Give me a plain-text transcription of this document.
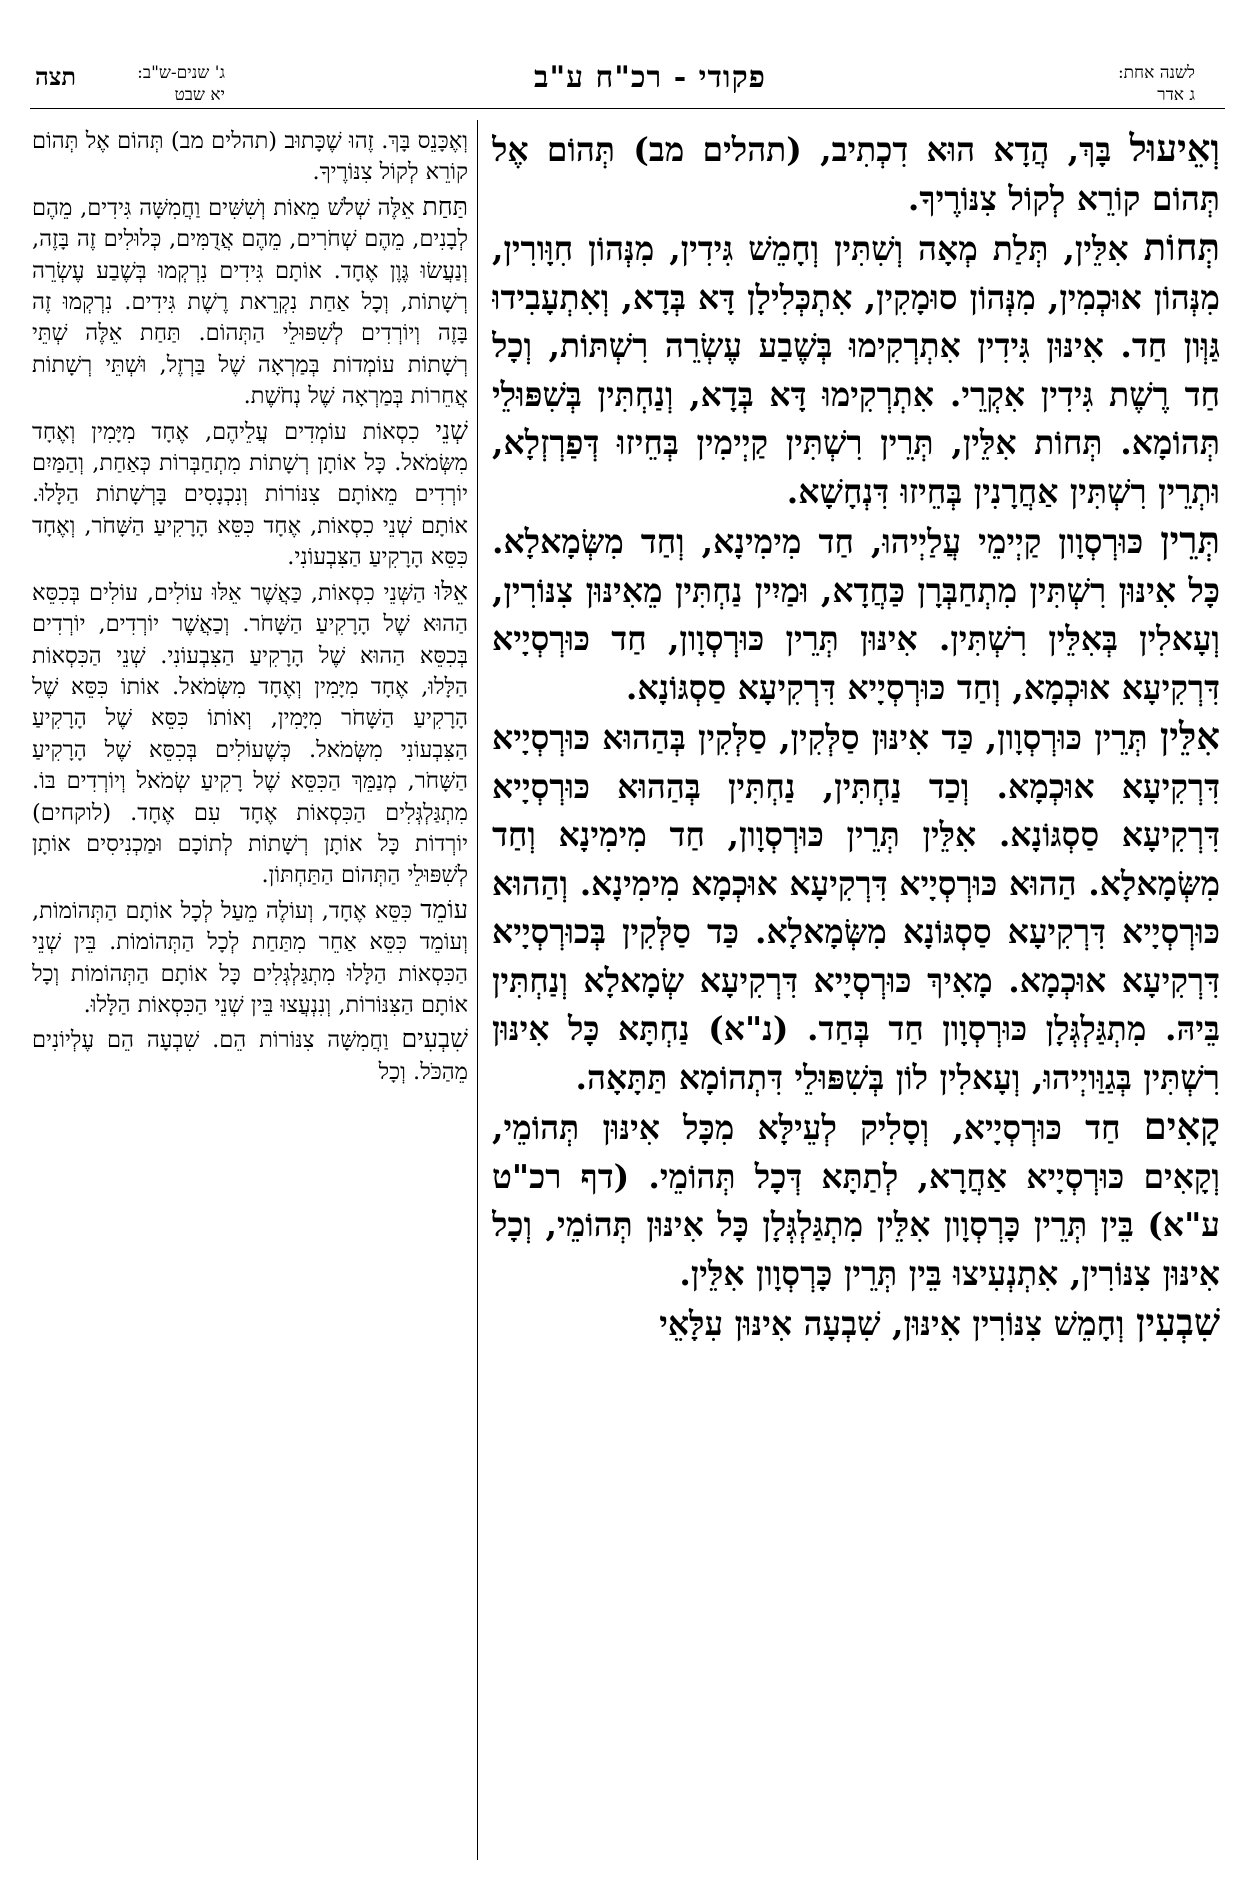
לשנה אחת:
ג אדר
פקודי - רכ"ח ע"ב
תצה	ג' שנים-ש"ב:
יא שבט

וְאֵיעוּל בָּךְ, הֲדָא הוּא דִכְתִיב, (תהלים מב) תְּהוֹם אֶל תְּהוֹם קוֹרֵא לְקוֹל צִנּוֹרֶיךָ.

תְּחוֹת אִלֵּין, תְּלַת מְאָה וְשִׁתִּין וְחָמֵשׁ גִּידִין, מִנְּהוֹן חִוָּורִין, מִנְּהוֹן אוּכְמִין, מִנְּהוֹן סוּמָקִין, אִתְכְּלִילָן דָּא בְּדָא, וְאִתְעָבִידוּ גַּוְּון חַד. אִינּוּן גִּידִין אִתְרְקִימוּ בְּשֶׁבַע עֶשְׂרֵה רִשְׁתּוֹת, וְכָל חַד רֶשֶׁת גִּידִין אִקְרֵי. אִתְרְקִימוּ דָּא בְּדָא, וְנַחְתִּין בְּשִׁפּוּלֵי תְּהוֹמָא. תְּחוֹת אִלֵּין, תְּרֵין רִשְׁתִּין קַיְימִין בְּחֵיזוּ דְּפַרְזְלָא, וּתְרֵין רִשְׁתִּין אַחֲרָנִין בְּחֵיזוּ דִּנְחָשָׁא.

תְּרֵין כּוּרְסְוָון קַיְימֵי עֲלַיְיהוּ, חַד מִימִינָא, וְחַד מִשְּׂמָאלָא. כָּל אִינּוּן רִשְׁתִּין מִתְחַבְּרָן כַּחֲדָא, וּמַיִין נַחְתִּין מֵאִינּוּן צִנּוֹרִין, וְעָאלִין בְּאִלֵּין רִשְׁתִּין. אִינּוּן תְּרֵין כּוּרְסְוָון, חַד כּוּרְסְיָיא דִּרְקִיעָא אוּכְמָא, וְחַד כּוּרְסְיָיא דִּרְקִיעָא סַסְגּוֹנָא.

אִלֵּין תְּרֵין כּוּרְסְוָון, כַּד אִינּוּן סַלְּקִין, סַלְּקִין בְּהַהוּא כּוּרְסְיָיא דִּרְקִיעָא אוּכְמָא. וְכַד נַחְתִּין, נַחְתִּין בְּהַהוּא כּוּרְסְיָיא דִּרְקִיעָא סַסְגּוֹנָא. אִלֵּין תְּרֵין כּוּרְסְוָון, חַד מִימִינָא וְחַד מִשְּׂמָאלָא. הַהוּא כּוּרְסְיָיא דִּרְקִיעָא אוּכְמָא מִימִינָא. וְהַהוּא כּוּרְסְיָיא דִּרְקִיעָא סַסְגּוֹנָא מִשְּׂמָאלָא. כַּד סַלְּקִין בְּכוּרְסְיָיא דִּרְקִיעָא אוּכְמָא. מָאִיךְ כּוּרְסְיָיא דִּרְקִיעָא שְׂמָאלָא וְנַחְתִּין בֵּיהּ. מִתְגַּלְגְּלָן כּוּרְסְוָון חַד בְּחַד. (נ"א) נַחְתָּא כָּל אִינּוּן רִשְׁתִּין בְּגַוַּויְיהוּ, וְעָאלִין לוֹן בְּשִׁפּוּלֵי דִּתְהוֹמָא תַּתָּאָה.

קָאִים חַד כּוּרְסְיָיא, וְסָלִיק לְעֵילָּא מִכָּל אִינּוּן תְּהוֹמֵי, וְקָאִים כּוּרְסְיָיא אַחֲרָא, לְתַתָּא דְּכָל תְּהוֹמֵי. (דף רכ"ט ע"א) בֵּין תְּרֵין כָּרְסְוָון אִלֵּין מִתְגַּלְגְּלָן כָּל אִינּוּן תְּהוֹמֵי, וְכָל אִינּוּן צִנּוֹרִין, אִתְנְעִיצוּ בֵּין תְּרֵין כָּרְסְוָון אִלֵּין.

שִׁבְעִין וְחָמֵשׁ צִנּוֹרִין אִינּוּן, שִׁבְעָה אִינּוּן עִלָּאֵי

וְאֶכָּנֵס בָּךְ. זֶהוּ שֶׁכָּתוּב (תהלים מב) תְּהוֹם אֶל תְּהוֹם קוֹרֵא לְקוֹל צִנּוֹרֶיךָ.

תַּחַת אֵלֶּה שְׁלֹשׁ מֵאוֹת וְשִׁשִּׁים וַחֲמִשָּׁה גִּידִים, מֵהֶם לְבָנִים, מֵהֶם שְׁחֹרִים, מֵהֶם אֲדֻמִּים, כְּלוּלִים זֶה בָּזֶה, וְנַעֲשׂוּ גֶּוֶן אֶחָד. אוֹתָם גִּידִים נִרְקְמוּ בְּשֶׁבַע עֶשְׂרֵה רְשָׁתוֹת, וְכָל אַחַת נִקְרֵאת רֶשֶׁת גִּידִים. נִרְקְמוּ זֶה בָּזֶה וְיוֹרְדִים לְשִׁפּוּלֵי הַתְּהוֹם. תַּחַת אֵלֶּה שְׁתֵּי רְשָׁתוֹת עוֹמְדוֹת בְּמַרְאָה שֶׁל בַּרְזֶל, וּשְׁתֵּי רְשָׁתוֹת אֲחֵרוֹת בְּמַרְאָה שֶׁל נְחֹשֶׁת.

שְׁנֵי כִסְאוֹת עוֹמְדִים עֲלֵיהֶם, אֶחָד מִיָּמִין וְאֶחָד מִשְּׂמֹאל. כָּל אוֹתָן רְשָׁתוֹת מִתְחַבְּרוֹת כְּאַחַת, וְהַמַּיִם יוֹרְדִים מֵאוֹתָם צִנּוֹרוֹת וְנִכְנָסִים בָּרְשָׁתוֹת הַלָּלוּ. אוֹתָם שְׁנֵי כִסְאוֹת, אֶחָד כִּסֵּא הָרָקִיעַ הַשָּׁחֹר, וְאֶחָד כִּסֵּא הָרָקִיעַ הַצִּבְעוֹנִי.

אֵלּוּ הַשְּׁנֵי כִסְאוֹת, כַּאֲשֶׁר אֵלּוּ עוֹלִים, עוֹלִים בְּכִסֵּא הַהוּא שֶׁל הָרָקִיעַ הַשָּׁחֹר. וְכַאֲשֶׁר יוֹרְדִים, יוֹרְדִים בְּכִסֵּא הַהוּא שֶׁל הָרָקִיעַ הַצִּבְעוֹנִי. שְׁנֵי הַכִּסְאוֹת הַלָּלוּ, אֶחָד מִיָּמִין וְאֶחָד מִשְּׂמֹאל. אוֹתוֹ כִּסֵּא שֶׁל הָרָקִיעַ הַשָּׁחֹר מִיָּמִין, וְאוֹתוֹ כִּסֵּא שֶׁל הָרָקִיעַ הַצִּבְעוֹנִי מִשְּׂמֹאל. כְּשֶׁעוֹלִים בְּכִסֵּא שֶׁל הָרָקִיעַ הַשָּׁחֹר, מְנַמֵּךְ הַכִּסֵּא שֶׁל רָקִיעַ שְׂמֹאל וְיוֹרְדִים בּוֹ. מִתְגַּלְגְּלִים הַכִּסְאוֹת אֶחָד עִם אֶחָד. (לוקחים) יוֹרְדוֹת כָּל אוֹתָן רְשָׁתוֹת לְתוֹכָם וּמַכְנִיסִים אוֹתָן לְשִׁפּוּלֵי הַתְּהוֹם הַתַּחְתּוֹן.

עוֹמֵד כִּסֵּא אֶחָד, וְעוֹלֶה מֵעַל לְכָל אוֹתָם הַתְּהוֹמוֹת, וְעוֹמֵד כִּסֵּא אַחֵר מִתַּחַת לְכָל הַתְּהוֹמוֹת. בֵּין שְׁנֵי הַכִּסְאוֹת הַלָּלוּ מִתְגַּלְגְּלִים כָּל אוֹתָם הַתְּהוֹמוֹת וְכָל אוֹתָם הַצִּנּוֹרוֹת, וְנִנְעֲצוּ בֵּין שְׁנֵי הַכִּסְאוֹת הַלָּלוּ.

שִׁבְעִים וַחֲמִשָּׁה צִנּוֹרוֹת הֵם. שִׁבְעָה הֵם עֶלְיוֹנִים מֵהַכֹּל. וְכָל
